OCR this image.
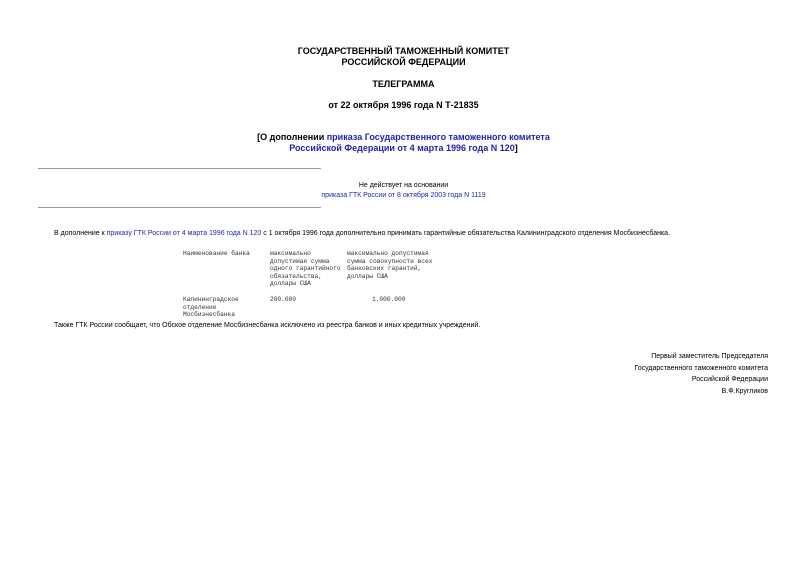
ГОСУДАРСТВЕННЫЙ ТАМОЖЕННЫЙ КОМИТЕТ
РОССИЙСКОЙ ФЕДЕРАЦИИ
ТЕЛЕГРАММА
от 22 октября 1996 года N Т-21835
[О дополнении приказа Государственного таможенного комитета
Российской Федерации от 4 марта 1996 года N 120]
Не действует на основании
приказа ГТК России от 8 октября 2003 года N 1119
В дополнение к приказу ГТК России от 4 марта 1996 года N 120 с 1 октября 1996 года дополнительно принимать гарантийные обязательства Калининградского отделения Мосбизнесбанка.
Наименование банка	максимально
допустимая сумма
одного гарантийного
обязательства,
доллары США
максимально допустимая
сумма совокупности всех
банковских гарантий,
доллары США
Калининградское
отделение
Мосбизнесбанка
200.000	1.000.000
Также ГТК России сообщает, что Обское отделение Мосбизнесбанка исключено из реестра банков и иных кредитных учреждений.
Первый заместитель Председателя
Государственного таможенного комитета
Российской Федерации
В.Ф.Кругликов
